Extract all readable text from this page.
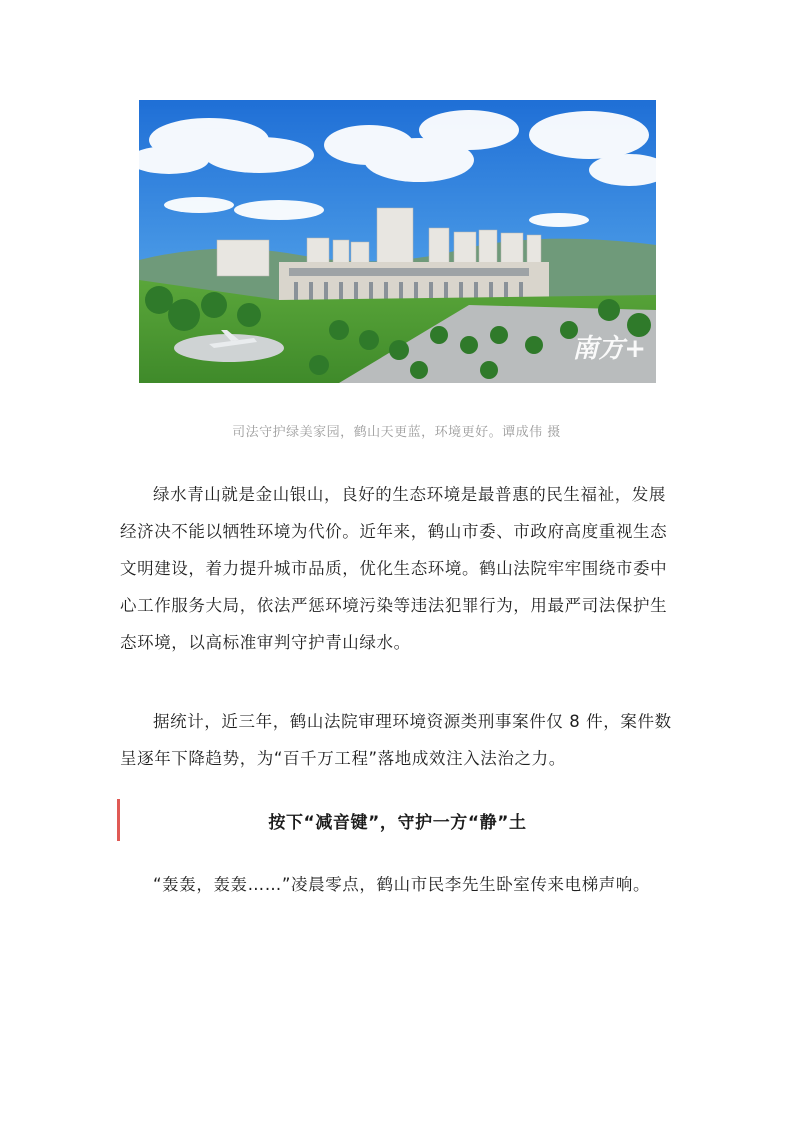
南方+
司法守护绿美家园，鹤山天更蓝，环境更好。谭成伟 摄

绿水青山就是金山银山，良好的生态环境是最普惠的民生福祉，发展经济决不能以牺牲环境为代价。近年来，鹤山市委、市政府高度重视生态文明建设，着力提升城市品质，优化生态环境。鹤山法院牢牢围绕市委中心工作服务大局，依法严惩环境污染等违法犯罪行为，用最严司法保护生态环境，以高标准审判守护青山绿水。

据统计，近三年，鹤山法院审理环境资源类刑事案件仅 8 件，案件数呈逐年下降趋势，为“百千万工程”落地成效注入法治之力。

按下“减音键”，守护一方“静”土

“轰轰，轰轰……”凌晨零点，鹤山市民李先生卧室传来电梯声响。
